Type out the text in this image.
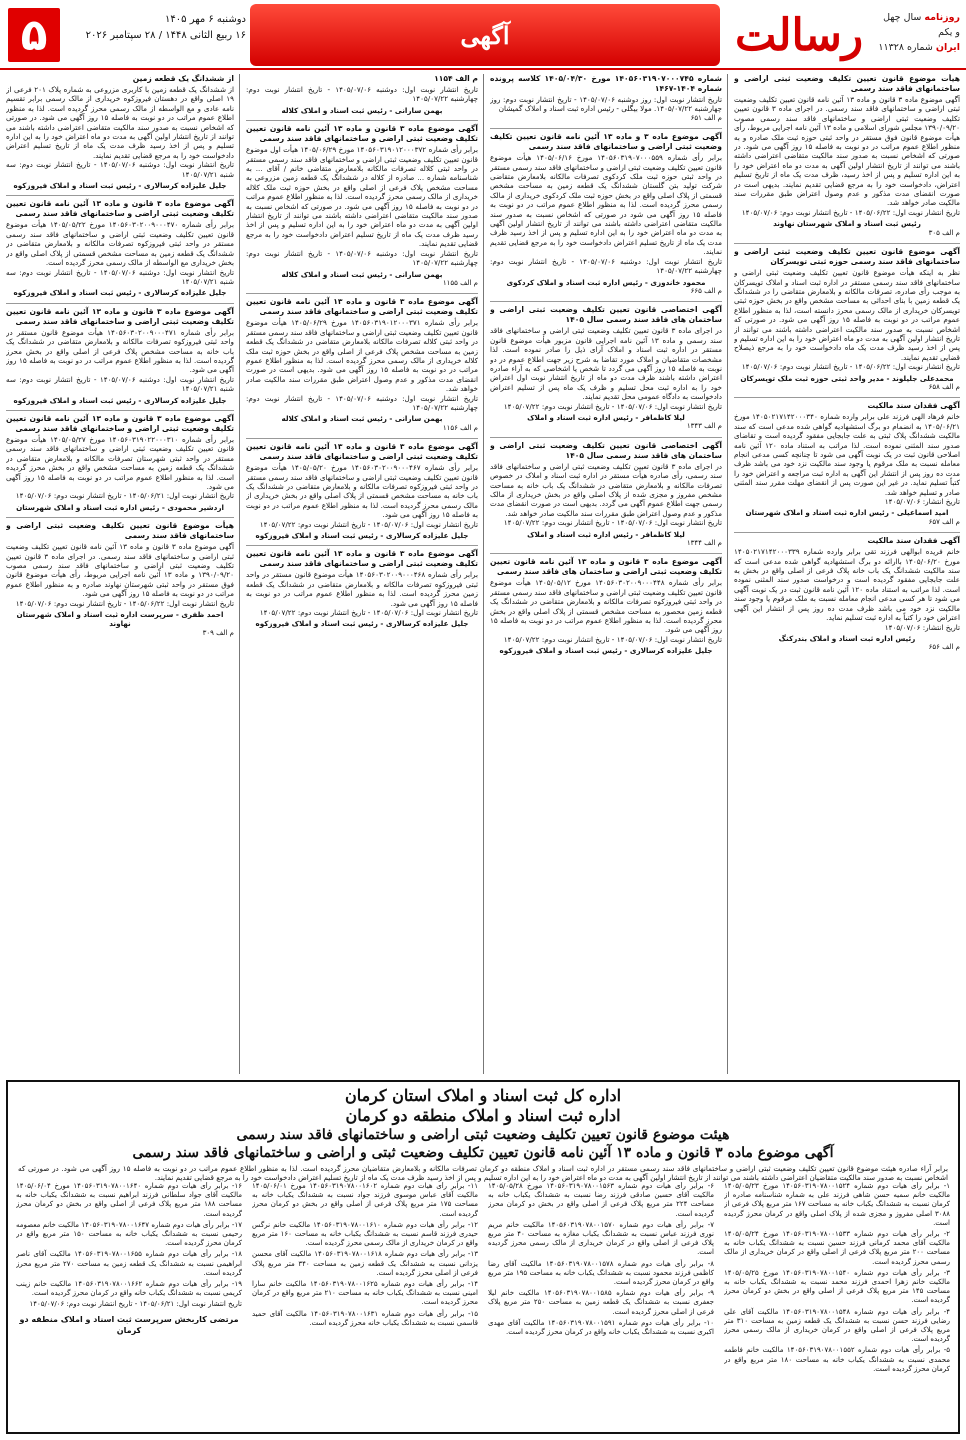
۵	دوشنبه ۶ مهر ۱۴۰۵
۱۶ ربیع الثانی ۱۴۴۸ / ۲۸ سپتامبر ۲۰۲۶	آگهی	رسالت	روزنامه سال چهل و یکم
ایران شماره ۱۱۳۲۸
هیأت موضوع قانون تعیین تکلیف وضعیت ثبتی اراضی و ساختمانهای فاقد سند رسمی
آگهی موضوع ماده ۳ قانون و ماده ۱۳ آئین نامه قانون تعیین تکلیف وضعیت ثبتی اراضی و ساختمانهای فاقد سند رسمی. در اجرای ماده ۳ قانون تعیین تکلیف وضعیت ثبتی اراضی و ساختمانهای فاقد سند رسمی مصوب ۱۳۹۰/۰۹/۲۰ مجلس شورای اسلامی و ماده ۱۳ آئین نامه اجرایی مربوط، رأی هیأت موضوع قانون فوق مستقر در واحد ثبتی حوزه ثبت ملک صادره و به منظور اطلاع عموم مراتب در دو نوبت به فاصله ۱۵ روز آگهی می شود. در صورتی که اشخاص نسبت به صدور سند مالکیت متقاضی اعتراضی داشته باشند می توانند از تاریخ انتشار اولین آگهی به مدت دو ماه اعتراض خود را به این اداره تسلیم و پس از اخذ رسید، ظرف مدت یک ماه از تاریخ تسلیم اعتراض، دادخواست خود را به مرجع قضایی تقدیم نمایند. بدیهی است در صورت انقضای مدت مذکور و عدم وصول اعتراض طبق مقررات سند مالکیت صادر خواهد شد.
تاریخ انتشار نوبت اول: ۱۴۰۵/۰۶/۲۲ - تاریخ انتشار نوبت دوم: ۱۴۰۵/۰۷/۰۶
رئیس ثبت اسناد و املاک شهرستان نهاوند
م الف ۳۰۵
آگهی موضوع قانون تعیین تکلیف وضعیت ثبتی اراضی و ساختمانهای فاقد سند رسمی حوزه ثبتی تویسرکان
نظر به اینکه هیأت موضوع قانون تعیین تکلیف وضعیت ثبتی اراضی و ساختمانهای فاقد سند رسمی مستقر در اداره ثبت اسناد و املاک تویسرکان به موجب رأی صادره، تصرفات مالکانه و بلامعارض متقاضی را در ششدانگ یک قطعه زمین با بنای احداثی به مساحت مشخص واقع در بخش حوزه ثبتی تویسرکان خریداری از مالک رسمی محرز دانسته است، لذا به منظور اطلاع عموم مراتب در دو نوبت به فاصله ۱۵ روز آگهی می شود. در صورتی که اشخاص نسبت به صدور سند مالکیت اعتراضی داشته باشند می توانند از تاریخ انتشار اولین آگهی به مدت دو ماه اعتراض خود را به این اداره تسلیم و پس از اخذ رسید ظرف مدت یک ماه دادخواست خود را به مرجع ذیصلاح قضایی تقدیم نمایند.
تاریخ انتشار نوبت اول: ۱۴۰۵/۰۶/۲۲ - تاریخ انتشار نوبت دوم: ۱۴۰۵/۰۷/۰۶
محمدعلی جلیلوند - مدیر واحد ثبتی حوزه ثبت ملک تویسرکان
م الف ۶۵۸
آگهی فقدان سند مالکیت
خانم فرهاد الهی فرزند علی برابر وارده شماره ۱۴۰۵۰۲۱۷۱۴۲۰۰۰۳۴۰ مورخ ۱۴۰۵/۰۶/۲۱ به انضمام دو برگ استشهادیه گواهی شده مدعی است که سند مالکیت ششدانگ پلاک ثبتی به علت جابجایی مفقود گردیده است و تقاضای صدور سند المثنی نموده است. لذا مراتب به استناد ماده ۱۲۰ آئین نامه اصلاحی قانون ثبت در یک نوبت آگهی می شود تا چنانچه کسی مدعی انجام معامله نسبت به ملک مرقوم یا وجود سند مالکیت نزد خود می باشد ظرف مدت ده روز پس از انتشار این آگهی به اداره ثبت مراجعه و اعتراض خود را کتباً تسلیم نماید. در غیر این صورت پس از انقضای مهلت مقرر سند المثنی صادر و تسلیم خواهد شد.
تاریخ انتشار: ۱۴۰۵/۰۷/۰۶
امید اسماعیلی - رئیس اداره ثبت اسناد و املاک شهرستان
م الف ۶۵۷
آگهی فقدان سند مالکیت
خانم فریده ابوالهی فرزند تقی برابر وارده شماره ۱۴۰۵۰۲۱۷۱۴۲۰۰۰۳۳۹ مورخ ۱۴۰۵/۰۶/۲۰ باارائه دو برگ استشهادیه گواهی شده مدعی است که سند مالکیت ششدانگ یک باب خانه پلاک فرعی از اصلی واقع در بخش به علت جابجایی مفقود گردیده است و درخواست صدور سند المثنی نموده است. لذا مراتب به استناد ماده ۱۲۰ آئین نامه قانون ثبت در یک نوبت آگهی می شود تا هر کسی مدعی انجام معامله نسبت به ملک مرقوم یا وجود سند مالکیت نزد خود می باشد ظرف مدت ده روز پس از انتشار این آگهی اعتراض خود را کتباً به اداره ثبت تسلیم نماید.
تاریخ انتشار: ۱۴۰۵/۰۷/۰۶
رئیس اداره ثبت اسناد و املاک بندرکنگ
م الف ۶۵۶
شماره ۱۴۰۵۶۰۳۱۹۰۷۰۰۰۷۴۵ مورخ ۱۴۰۵/۰۴/۳۰ کلاسه پرونده شماره ۱۴۰۴-۱۴۶۷
تاریخ انتشار نوبت اول: روز دوشنبه ۱۴۰۵/۰۷/۰۶ - تاریخ انتشار نوبت دوم: روز چهارشنبه ۱۴۰۵/۰۷/۲۲. مولا بیگلی - رئیس اداره ثبت اسناد و املاک گمیشان
م الف ۶۵۱
آگهی موضوع ماده ۳ و ماده ۱۳ آئین نامه قانون تعیین تکلیف وضعیت ثبتی اراضی و ساختمانهای فاقد سند رسمی
برابر رأی شماره ۱۴۰۵۶۰۳۱۹۰۷۰۰۰۵۵۹ مورخ ۱۴۰۵/۰۶/۱۶ هیأت موضوع قانون تعیین تکلیف وضعیت ثبتی اراضی و ساختمانهای فاقد سند رسمی مستقر در واحد ثبتی حوزه ثبت ملک کردکوی تصرفات مالکانه بلامعارض متقاضی شرکت تولید بتن گلستان ششدانگ یک قطعه زمین به مساحت مشخص قسمتی از پلاک اصلی واقع در بخش حوزه ثبت ملک کردکوی خریداری از مالک رسمی محرز گردیده است. لذا به منظور اطلاع عموم مراتب در دو نوبت به فاصله ۱۵ روز آگهی می شود در صورتی که اشخاص نسبت به صدور سند مالکیت متقاضی اعتراضی داشته باشند می توانند از تاریخ انتشار اولین آگهی به مدت دو ماه اعتراض خود را به این اداره تسلیم و پس از اخذ رسید ظرف مدت یک ماه از تاریخ تسلیم اعتراض دادخواست خود را به مرجع قضایی تقدیم نمایند.
تاریخ انتشار نوبت اول: دوشنبه ۱۴۰۵/۰۷/۰۶ - تاریخ انتشار نوبت دوم: چهارشنبه ۱۴۰۵/۰۷/۲۲
محمود خاندوزی - رئیس اداره ثبت اسناد و املاک کردکوی
م الف ۶۶۵
آگهی اختصاصی قانون تعیین تکلیف وضعیت ثبتی اراضی و ساختمان های فاقد سند رسمی سال ۱۴۰۵
در اجرای ماده ۳ قانون تعیین تکلیف وضعیت ثبتی اراضی و ساختمانهای فاقد سند رسمی و ماده ۱۳ آئین نامه اجرایی قانون مزبور هیأت موضوع قانون مستقر در اداره ثبت اسناد و املاک آرای ذیل را صادر نموده است. لذا مشخصات متقاضیان و املاک مورد تقاضا به شرح زیر جهت اطلاع عموم در دو نوبت به فاصله ۱۵ روز آگهی می گردد تا شخص یا اشخاصی که به آراء صادره اعتراض داشته باشند ظرف مدت دو ماه از تاریخ انتشار نوبت اول اعتراض خود را به اداره ثبت محل تسلیم و ظرف یک ماه پس از تسلیم اعتراض دادخواست به دادگاه عمومی محل تقدیم نمایند.
تاریخ انتشار نوبت اول: ۱۴۰۵/۰۷/۰۶ - تاریخ انتشار نوبت دوم: ۱۴۰۵/۰۷/۲۲
لیلا کاظمافر - رئیس اداره ثبت اسناد و املاک
م الف ۱۳۴۳
آگهی اختصاصی قانون تعیین تکلیف وضعیت ثبتی اراضی و ساختمان های فاقد سند رسمی سال ۱۴۰۵
در اجرای ماده ۳ قانون تعیین تکلیف وضعیت ثبتی اراضی و ساختمانهای فاقد سند رسمی، رأی صادره هیأت مستقر در اداره ثبت اسناد و املاک در خصوص تصرفات مالکانه و بلامعارض متقاضی در ششدانگ یک باب خانه به مساحت مشخص مفروز و مجزی شده از پلاک اصلی واقع در بخش خریداری از مالک رسمی جهت اطلاع عموم آگهی می گردد. بدیهی است در صورت انقضای مدت مذکور و عدم وصول اعتراض طبق مقررات سند مالکیت صادر خواهد شد.
تاریخ انتشار نوبت اول: ۱۴۰۵/۰۷/۰۶ - تاریخ انتشار نوبت دوم: ۱۴۰۵/۰۷/۲۲
لیلا کاظمافر - رئیس اداره ثبت اسناد و املاک
م الف ۱۳۴۴
آگهی موضوع ماده ۳ قانون و ماده ۱۳ آئین نامه قانون تعیین تکلیف وضعیت ثبتی اراضی و ساختمان های فاقد سند رسمی
برابر رأی شماره ۱۴۰۵۶۰۳۰۲۰۰۹۰۰۰۴۴۸ مورخ ۱۴۰۵/۰۵/۱۲ هیأت موضوع قانون تعیین تکلیف وضعیت ثبتی اراضی و ساختمانهای فاقد سند رسمی مستقر در واحد ثبتی فیروزکوه تصرفات مالکانه و بلامعارض متقاضی در ششدانگ یک قطعه زمین محصور به مساحت مشخص قسمتی از پلاک اصلی واقع در بخش محرز گردیده است. لذا به منظور اطلاع عموم مراتب در دو نوبت به فاصله ۱۵ روز آگهی می شود.
تاریخ انتشار نوبت اول: ۱۴۰۵/۰۷/۰۶ - تاریخ انتشار نوبت دوم: ۱۴۰۵/۰۷/۲۲
جلیل علیزاده کرسالاری - رئیس ثبت اسناد و املاک فیروزکوه
م الف ۱۱۵۴
تاریخ انتشار نوبت اول: دوشنبه ۱۴۰۵/۰۷/۰۶ - تاریخ انتشار نوبت دوم: چهارشنبه ۱۴۰۵/۰۷/۲۲
بهمن سارانی - رئیس ثبت اسناد و املاک کلاله
آگهی موضوع ماده ۳ قانون و ماده ۱۳ آئین نامه قانون تعیین تکلیف وضعیت ثبتی اراضی و ساختمانهای فاقد سند رسمی
برابر رأی شماره ۱۴۰۵۶۰۳۱۹۰۱۲۰۰۰۳۷۲ مورخ ۱۴۰۵/۰۶/۲۹ هیأت اول موضوع قانون تعیین تکلیف وضعیت ثبتی اراضی و ساختمانهای فاقد سند رسمی مستقر در واحد ثبتی کلاله تصرفات مالکانه بلامعارض متقاضی خانم / آقای ... به شناسنامه شماره ... صادره از کلاله در ششدانگ یک قطعه زمین مزروعی به مساحت مشخص پلاک فرعی از اصلی واقع در بخش حوزه ثبت ملک کلاله خریداری از مالک رسمی محرز گردیده است. لذا به منظور اطلاع عموم مراتب در دو نوبت به فاصله ۱۵ روز آگهی می شود. در صورتی که اشخاص نسبت به صدور سند مالکیت متقاضی اعتراضی داشته باشند می توانند از تاریخ انتشار اولین آگهی به مدت دو ماه اعتراض خود را به این اداره تسلیم و پس از اخذ رسید ظرف مدت یک ماه از تاریخ تسلیم اعتراض دادخواست خود را به مرجع قضایی تقدیم نمایند.
تاریخ انتشار نوبت اول: دوشنبه ۱۴۰۵/۰۷/۰۶ - تاریخ انتشار نوبت دوم: چهارشنبه ۱۴۰۵/۰۷/۲۲
بهمن سارانی - رئیس ثبت اسناد و املاک کلاله
م الف ۱۱۵۵
آگهی موضوع ماده ۳ قانون و ماده ۱۳ آئین نامه قانون تعیین تکلیف وضعیت ثبتی اراضی و ساختمانهای فاقد سند رسمی
برابر رأی شماره ۱۴۰۵۶۰۳۱۹۰۱۲۰۰۰۳۷۱ مورخ ۱۴۰۵/۰۶/۲۹ هیأت موضوع قانون تعیین تکلیف وضعیت ثبتی اراضی و ساختمانهای فاقد سند رسمی مستقر در واحد ثبتی کلاله تصرفات مالکانه بلامعارض متقاضی در ششدانگ یک قطعه زمین به مساحت مشخص پلاک فرعی از اصلی واقع در بخش حوزه ثبت ملک کلاله خریداری از مالک رسمی محرز گردیده است. لذا به منظور اطلاع عموم مراتب در دو نوبت به فاصله ۱۵ روز آگهی می شود. بدیهی است در صورت انقضای مدت مذکور و عدم وصول اعتراض طبق مقررات سند مالکیت صادر خواهد شد.
تاریخ انتشار نوبت اول: دوشنبه ۱۴۰۵/۰۷/۰۶ - تاریخ انتشار نوبت دوم: چهارشنبه ۱۴۰۵/۰۷/۲۲
بهمن سارانی - رئیس ثبت اسناد و املاک کلاله
م الف ۱۱۵۶
آگهی موضوع ماده ۳ قانون و ماده ۱۳ آئین نامه قانون تعیین تکلیف وضعیت ثبتی اراضی و ساختمانهای فاقد سند رسمی
برابر رأی شماره ۱۴۰۵۶۰۳۰۲۰۰۹۰۰۰۴۶۷ مورخ ۱۴۰۵/۰۵/۲۰ هیأت موضوع قانون تعیین تکلیف وضعیت ثبتی اراضی و ساختمانهای فاقد سند رسمی مستقر در واحد ثبتی فیروزکوه تصرفات مالکانه و بلامعارض متقاضی در ششدانگ یک باب خانه به مساحت مشخص قسمتی از پلاک اصلی واقع در بخش خریداری از مالک رسمی محرز گردیده است. لذا به منظور اطلاع عموم مراتب در دو نوبت به فاصله ۱۵ روز آگهی می شود.
تاریخ انتشار نوبت اول: ۱۴۰۵/۰۷/۰۶ - تاریخ انتشار نوبت دوم: ۱۴۰۵/۰۷/۲۲
جلیل علیزاده کرسالاری - رئیس ثبت اسناد و املاک فیروزکوه
آگهی موضوع ماده ۳ قانون و ماده ۱۳ آئین نامه قانون تعیین تکلیف وضعیت ثبتی اراضی و ساختمانهای فاقد سند رسمی
برابر رأی شماره ۱۴۰۵۶۰۳۰۲۰۰۹۰۰۰۴۶۸ هیأت موضوع قانون مستقر در واحد ثبتی فیروزکوه تصرفات مالکانه و بلامعارض متقاضی در ششدانگ یک قطعه زمین محرز گردیده است. لذا به منظور اطلاع عموم مراتب در دو نوبت به فاصله ۱۵ روز آگهی می شود.
تاریخ انتشار نوبت اول: ۱۴۰۵/۰۷/۰۶ - تاریخ انتشار نوبت دوم: ۱۴۰۵/۰۷/۲۲
جلیل علیزاده کرسالاری - رئیس ثبت اسناد و املاک فیروزکوه
از ششدانگ یک قطعه زمین
از ششدانگ یک قطعه زمین با کاربری مزروعی به شماره پلاک ۲۰۱ فرعی از ۱۹ اصلی واقع در دهستان فیروزکوه خریداری از مالک رسمی برابر تقسیم نامه عادی و مع الواسطه از مالک رسمی محرز گردیده است. لذا به منظور اطلاع عموم مراتب در دو نوبت به فاصله ۱۵ روز آگهی می شود. در صورتی که اشخاص نسبت به صدور سند مالکیت متقاضی اعتراضی داشته باشند می توانند از تاریخ انتشار اولین آگهی به مدت دو ماه اعتراض خود را به این اداره تسلیم و پس از اخذ رسید ظرف مدت یک ماه از تاریخ تسلیم اعتراض دادخواست خود را به مرجع قضایی تقدیم نمایند.
تاریخ انتشار نوبت اول: دوشنبه ۱۴۰۵/۰۷/۰۶ - تاریخ انتشار نوبت دوم: سه شنبه ۱۴۰۵/۰۷/۲۱
جلیل علیزاده کرسالاری - رئیس ثبت اسناد و املاک فیروزکوه
آگهی موضوع ماده ۳ قانون و ماده ۱۳ آئین نامه قانون تعیین تکلیف وضعیت ثبتی اراضی و ساختمانهای فاقد سند رسمی
برابر رأی شماره ۱۴۰۵۶۰۳۰۲۰۰۹۰۰۰۴۷۰ مورخ ۱۴۰۵/۰۵/۲۲ هیأت موضوع قانون تعیین تکلیف وضعیت ثبتی اراضی و ساختمانهای فاقد سند رسمی مستقر در واحد ثبتی فیروزکوه تصرفات مالکانه و بلامعارض متقاضی در ششدانگ یک قطعه زمین به مساحت مشخص قسمتی از پلاک اصلی واقع در بخش خریداری مع الواسطه از مالک رسمی محرز گردیده است.
تاریخ انتشار نوبت اول: دوشنبه ۱۴۰۵/۰۷/۰۶ - تاریخ انتشار نوبت دوم: سه شنبه ۱۴۰۵/۰۷/۲۱
جلیل علیزاده کرسالاری - رئیس ثبت اسناد و املاک فیروزکوه
آگهی موضوع ماده ۳ قانون و ماده ۱۳ آئین نامه قانون تعیین تکلیف وضعیت ثبتی اراضی و ساختمانهای فاقد سند رسمی
برابر رأی شماره ۱۴۰۵۶۰۳۰۲۰۰۹۰۰۰۴۷۱ هیأت موضوع قانون مستقر در واحد ثبتی فیروزکوه تصرفات مالکانه و بلامعارض متقاضی در ششدانگ یک باب خانه به مساحت مشخص پلاک فرعی از اصلی واقع در بخش محرز گردیده است. لذا به منظور اطلاع عموم مراتب در دو نوبت به فاصله ۱۵ روز آگهی می شود.
تاریخ انتشار نوبت اول: دوشنبه ۱۴۰۵/۰۷/۰۶ - تاریخ انتشار نوبت دوم: سه شنبه ۱۴۰۵/۰۷/۲۱
جلیل علیزاده کرسالاری - رئیس ثبت اسناد و املاک فیروزکوه
آگهی موضوع ماده ۳ قانون و ماده ۱۳ آئین نامه قانون تعیین تکلیف وضعیت ثبتی اراضی و ساختمانهای فاقد سند رسمی
برابر رأی شماره ۱۴۰۵۶۰۳۱۹۰۲۲۰۰۰۳۱۰ مورخ ۱۴۰۵/۰۵/۲۷ هیأت موضوع قانون تعیین تکلیف وضعیت ثبتی اراضی و ساختمانهای فاقد سند رسمی مستقر در واحد ثبتی شهرستان تصرفات مالکانه و بلامعارض متقاضی در ششدانگ یک قطعه زمین به مساحت مشخص واقع در بخش محرز گردیده است. لذا به منظور اطلاع عموم مراتب در دو نوبت به فاصله ۱۵ روز آگهی می شود.
تاریخ انتشار نوبت اول: ۱۴۰۵/۰۶/۲۱ - تاریخ انتشار نوبت دوم: ۱۴۰۵/۰۷/۰۶
اردشیر محمودی - رئیس اداره ثبت اسناد و املاک شهرستان
هیأت موضوع قانون تعیین تکلیف وضعیت ثبتی اراضی و ساختمانهای فاقد سند رسمی
آگهی موضوع ماده ۳ قانون و ماده ۱۳ آئین نامه قانون تعیین تکلیف وضعیت ثبتی اراضی و ساختمانهای فاقد سند رسمی. در اجرای ماده ۳ قانون تعیین تکلیف وضعیت ثبتی اراضی و ساختمانهای فاقد سند رسمی مصوب ۱۳۹۰/۰۹/۲۰ و ماده ۱۳ آئین نامه اجرایی مربوط، رأی هیأت موضوع قانون فوق مستقر در واحد ثبتی شهرستان نهاوند صادره و به منظور اطلاع عموم مراتب در دو نوبت به فاصله ۱۵ روز آگهی می شود.
تاریخ انتشار نوبت اول: ۱۴۰۵/۰۶/۲۲ - تاریخ انتشار نوبت دوم: ۱۴۰۵/۰۷/۰۶
احمد ظفری - سرپرست اداره ثبت اسناد و املاک شهرستان نهاوند
م الف ۳۰۹
اداره کل ثبت اسناد و املاک استان کرمان
اداره ثبت اسناد و املاک منطقه دو کرمان
هیئت موضوع قانون تعیین تکلیف وضعیت ثبتی اراضی و ساختمانهای فاقد سند رسمی
آگهی موضوع ماده ۳ قانون و ماده ۱۳ آئین نامه قانون تعیین تکلیف وضعیت ثبتی و اراضی و ساختمانهای فاقد سند رسمی
برابر آراء صادره هیئت موضوع قانون تعیین تکلیف وضعیت ثبتی اراضی و ساختمانهای فاقد سند رسمی مستقر در اداره ثبت اسناد و املاک منطقه دو کرمان تصرفات مالکانه و بلامعارض متقاضیان محرز گردیده است. لذا به منظور اطلاع عموم مراتب در دو نوبت به فاصله ۱۵ روز آگهی می شود. در صورتی که اشخاص نسبت به صدور سند مالکیت متقاضیان اعتراضی داشته باشند می توانند از تاریخ انتشار اولین آگهی به مدت دو ماه اعتراض خود را به این اداره تسلیم و پس از اخذ رسید ظرف مدت یک ماه از تاریخ تسلیم اعتراض دادخواست خود را به مرجع قضایی تقدیم نمایند.

۱- برابر رأی هیات دوم شماره ۱۴۰۵۶۰۳۱۹۰۷۸۰۰۱۵۲۴ مورخ ۱۴۰۵/۰۵/۲۳ مالکیت خانم سمیه حسن شاهی فرزند علی به شماره شناسنامه صادره از کرمان نسبت به ششدانگ یکباب خانه به مساحت ۱۶۷ متر مربع پلاک فرعی از ۳۰۸۸ اصلی مفروز و مجزی شده از پلاک اصلی واقع در کرمان محرز گردیده است.

۲- برابر رأی هیات دوم شماره ۱۴۰۵۶۰۳۱۹۰۷۸۰۰۱۵۳۳ مورخ ۱۴۰۵/۰۵/۲۴ مالکیت آقای محمد کرمانی فرزند حسین نسبت به ششدانگ یکباب خانه به مساحت ۲۰۰ متر مربع پلاک فرعی از اصلی واقع در کرمان خریداری از مالک رسمی محرز گردیده است.

۳- برابر رأی هیات دوم شماره ۱۴۰۵۶۰۳۱۹۰۷۸۰۰۱۵۴۰ مورخ ۱۴۰۵/۰۵/۲۵ مالکیت خانم زهرا احمدی فرزند محمد نسبت به ششدانگ یکباب خانه به مساحت ۱۴۵ متر مربع پلاک فرعی از اصلی واقع در بخش دو کرمان محرز گردیده است.

۴- برابر رأی هیات دوم شماره ۱۴۰۵۶۰۳۱۹۰۷۸۰۰۱۵۴۸ مالکیت آقای علی رضایی فرزند حسن نسبت به ششدانگ یک قطعه زمین به مساحت ۳۱۰ متر مربع پلاک فرعی از اصلی واقع در کرمان خریداری از مالک رسمی محرز گردیده است.

۵- برابر رأی هیات دوم شماره ۱۴۰۵۶۰۳۱۹۰۷۸۰۰۱۵۵۲ مالکیت خانم فاطمه محمدی نسبت به ششدانگ یکباب خانه به مساحت ۱۸۰ متر مربع واقع در کرمان محرز گردیده است.

۶- برابر رأی هیات دوم شماره ۱۴۰۵۶۰۳۱۹۰۷۸۰۰۱۵۶۳ مورخ ۱۴۰۵/۰۵/۲۸ مالکیت آقای حسین صادقی فرزند رضا نسبت به ششدانگ یکباب خانه به مساحت ۲۲۴ متر مربع پلاک فرعی از اصلی واقع در بخش دو کرمان محرز گردیده است.

۷- برابر رأی هیات دوم شماره ۱۴۰۵۶۰۳۱۹۰۷۸۰۰۱۵۷۰ مالکیت خانم مریم نوری فرزند عباس نسبت به ششدانگ یکباب مغازه به مساحت ۴۰ متر مربع پلاک فرعی از اصلی واقع در کرمان خریداری از مالک رسمی محرز گردیده است.

۸- برابر رأی هیات دوم شماره ۱۴۰۵۶۰۳۱۹۰۷۸۰۰۱۵۷۸ مالکیت آقای رضا کاظمی فرزند محمود نسبت به ششدانگ یکباب خانه به مساحت ۱۹۵ متر مربع واقع در کرمان محرز گردیده است.

۹- برابر رأی هیات دوم شماره ۱۴۰۵۶۰۳۱۹۰۷۸۰۰۱۵۸۵ مالکیت خانم لیلا جعفری نسبت به ششدانگ یک قطعه زمین به مساحت ۲۵۰ متر مربع پلاک فرعی از اصلی محرز گردیده است.

۱۰- برابر رأی هیات دوم شماره ۱۴۰۵۶۰۳۱۹۰۷۸۰۰۱۵۹۱ مالکیت آقای مهدی اکبری نسبت به ششدانگ یکباب خانه واقع در کرمان محرز گردیده است.

۱۱- برابر رأی هیات دوم شماره ۱۴۰۵۶۰۳۱۹۰۷۸۰۰۱۶۰۲ مورخ ۱۴۰۵/۰۶/۰۱ مالکیت آقای عباس موسوی فرزند جواد نسبت به ششدانگ یکباب خانه به مساحت ۱۷۵ متر مربع پلاک فرعی از اصلی واقع در بخش دو کرمان محرز گردیده است.

۱۲- برابر رأی هیات دوم شماره ۱۴۰۵۶۰۳۱۹۰۷۸۰۰۱۶۱۰ مالکیت خانم نرگس حیدری فرزند قاسم نسبت به ششدانگ یکباب خانه به مساحت ۱۶۰ متر مربع واقع در کرمان خریداری از مالک رسمی محرز گردیده است.

۱۳- برابر رأی هیات دوم شماره ۱۴۰۵۶۰۳۱۹۰۷۸۰۰۱۶۱۸ مالکیت آقای محسن یزدانی نسبت به ششدانگ یک قطعه زمین به مساحت ۳۴۰ متر مربع پلاک فرعی از اصلی محرز گردیده است.

۱۴- برابر رأی هیات دوم شماره ۱۴۰۵۶۰۳۱۹۰۷۸۰۰۱۶۲۵ مالکیت خانم سارا امینی نسبت به ششدانگ یکباب خانه به مساحت ۲۱۰ متر مربع واقع در کرمان محرز گردیده است.

۱۵- برابر رأی هیات دوم شماره ۱۴۰۵۶۰۳۱۹۰۷۸۰۰۱۶۳۱ مالکیت آقای حمید قاسمی نسبت به ششدانگ یکباب خانه محرز گردیده است.

۱۶- برابر رأی هیات دوم شماره ۱۴۰۵۶۰۳۱۹۰۷۸۰۰۱۶۴۰ مورخ ۱۴۰۵/۰۶/۰۴ مالکیت آقای جواد سلطانی فرزند ابراهیم نسبت به ششدانگ یکباب خانه به مساحت ۱۸۸ متر مربع پلاک فرعی از اصلی واقع در بخش دو کرمان محرز گردیده است.

۱۷- برابر رأی هیات دوم شماره ۱۴۰۵۶۰۳۱۹۰۷۸۰۰۱۶۴۷ مالکیت خانم معصومه رحیمی نسبت به ششدانگ یکباب خانه به مساحت ۱۵۰ متر مربع واقع در کرمان محرز گردیده است.

۱۸- برابر رأی هیات دوم شماره ۱۴۰۵۶۰۳۱۹۰۷۸۰۰۱۶۵۵ مالکیت آقای ناصر ابراهیمی نسبت به ششدانگ یک قطعه زمین به مساحت ۲۷۰ متر مربع محرز گردیده است.

۱۹- برابر رأی هیات دوم شماره ۱۴۰۵۶۰۳۱۹۰۷۸۰۰۱۶۶۲ مالکیت خانم زینب کریمی نسبت به ششدانگ یکباب خانه واقع در کرمان محرز گردیده است.

تاریخ انتشار نوبت اول: ۱۴۰۵/۰۶/۲۱ - تاریخ انتشار نوبت دوم: ۱۴۰۵/۰۷/۰۶

مرتضی کاربخش سرپرست ثبت اسناد و املاک منطقه دو کرمان
